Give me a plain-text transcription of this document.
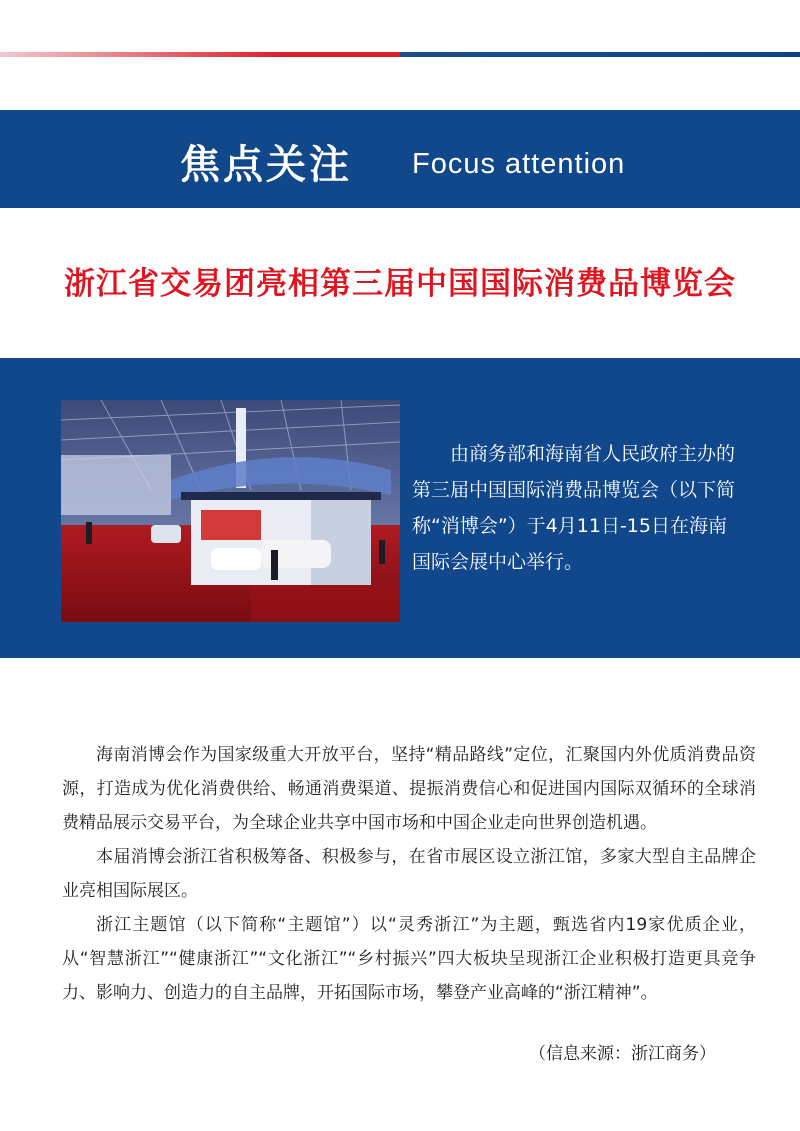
焦点关注 Focus attention
浙江省交易团亮相第三届中国国际消费品博览会
由商务部和海南省人民政府主办的第三届中国国际消费品博览会（以下简称“消博会”）于4月11日-15日在海南国际会展中心举行。

海南消博会作为国家级重大开放平台，坚持“精品路线”定位，汇聚国内外优质消费品资源，打造成为优化消费供给、畅通消费渠道、提振消费信心和促进国内国际双循环的全球消费精品展示交易平台，为全球企业共享中国市场和中国企业走向世界创造机遇。

本届消博会浙江省积极筹备、积极参与，在省市展区设立浙江馆，多家大型自主品牌企业亮相国际展区。

浙江主题馆（以下简称“主题馆”）以“灵秀浙江”为主题，甄选省内19家优质企业，从“智慧浙江”“健康浙江”“文化浙江”“乡村振兴”四大板块呈现浙江企业积极打造更具竞争力、影响力、创造力的自主品牌，开拓国际市场，攀登产业高峰的“浙江精神”。

（信息来源：浙江商务）
